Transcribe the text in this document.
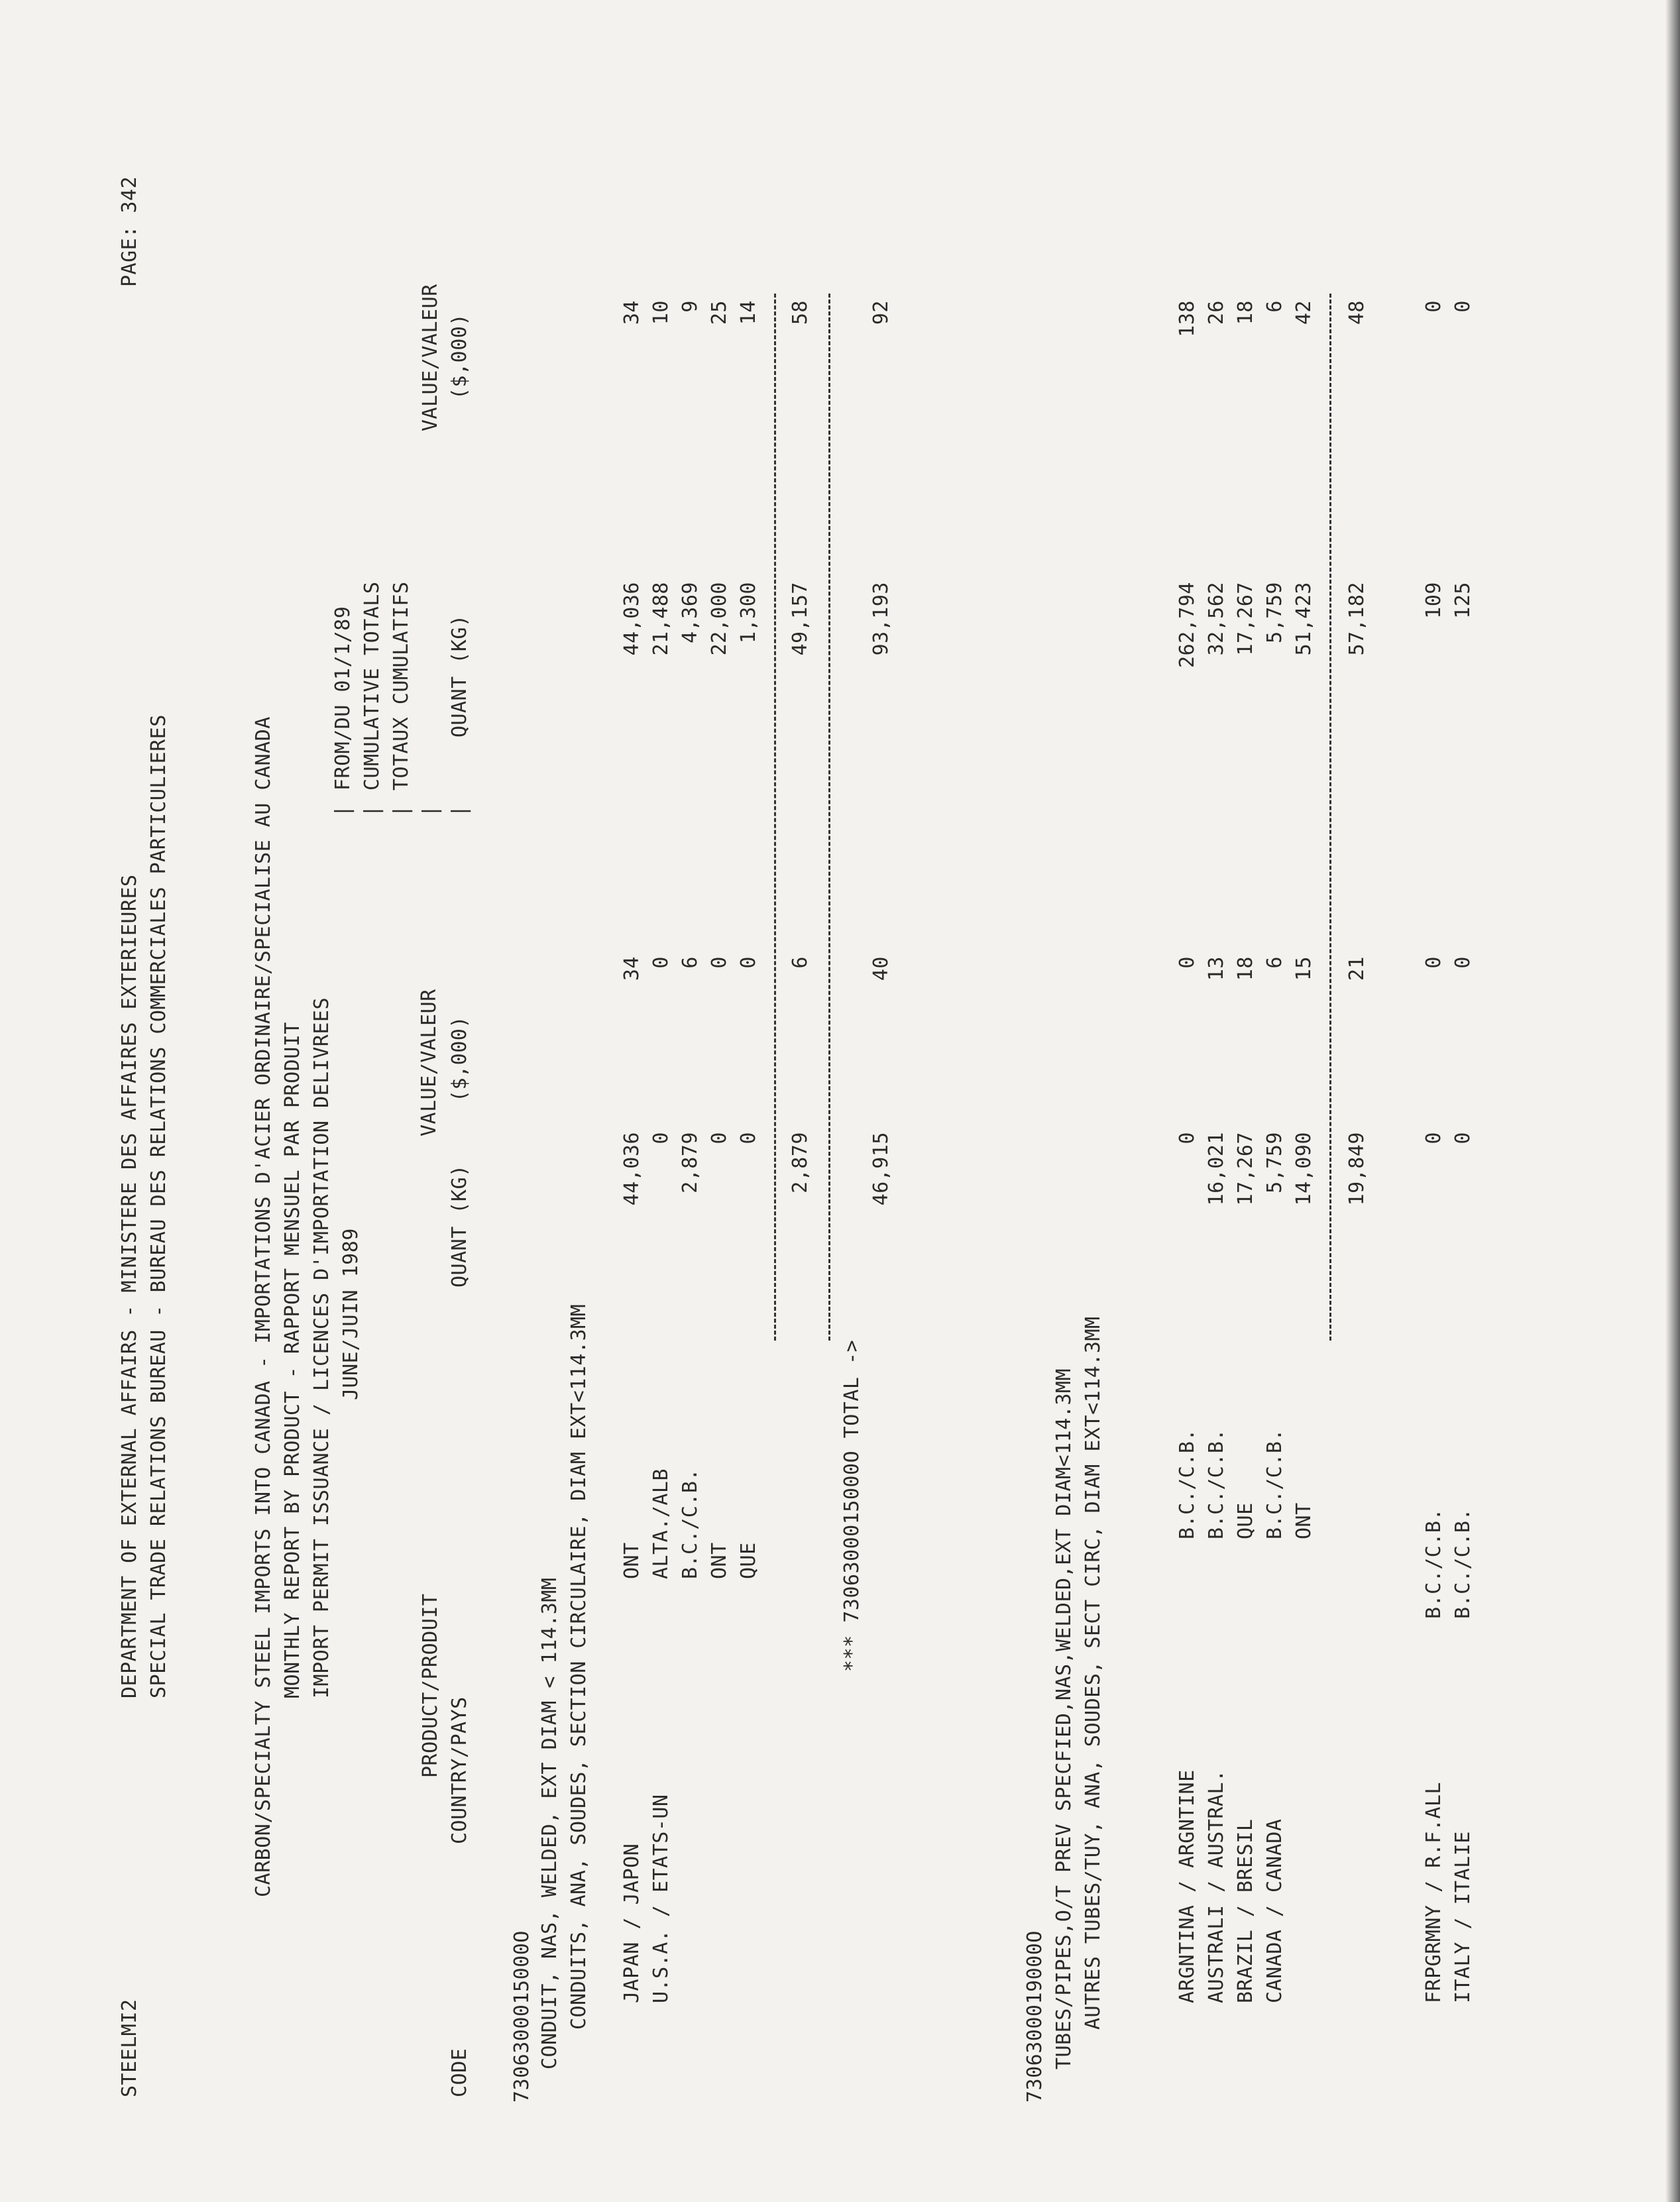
STEELMI2
DEPARTMENT OF EXTERNAL AFFAIRS - MINISTERE DES AFFAIRES EXTERIEURES SPECIAL TRADE RELATIONS BUREAU - BUREAU DES RELATIONS COMMERCIALES PARTICULIERES
PAGE: 342
CARBON/SPECIALTY STEEL IMPORTS INTO CANADA - IMPORTATIONS D'ACIER ORDINAIRE/SPECIALISE AU CANADA MONTHLY REPORT BY PRODUCT - RAPPORT MENSUEL PAR PRODUIT IMPORT PERMIT ISSUANCE / LICENCES D'IMPORTATION DELIVREES JUNE/JUIN 1989
| | | | |
FROM/DU 01/1/89 CUMULATIVE TOTALS TOTAUX CUMULATIFS
VALUE/VALEUR
VALUE/VALEUR
CODE
COUNTRY/PAYS
PRODUCT/PRODUIT
QUANT (KG)
($,000)
QUANT (KG)
($,000)
7306300015000O CONDUIT, NAS, WELDED, EXT DIAM < 114.3MM CONDUITS, ANA, SOUDES, SECTION CIRCULAIRE, DIAM EXT<114.3MM JAPAN / JAPON
ONT
44,036
34
44,036
34
U.S.A. / ETATS-UN
ALTA./ALB
0
0
21,488
10
B.C./C.B.
2,879
6
4,369
9
ONT
0
0
22,000
25
QUE
0
0
1,300
14
2,879
6
49,157
58
*** 7306300015000O TOTAL ->
46,915
40
93,193
92
7306300019000O TUBES/PIPES,O/T PREV SPECFIED,NAS,WELDED,EXT DIAM<114.3MM AUTRES TUBES/TUY, ANA, SOUDES, SECT CIRC, DIAM EXT<114.3MM	ARGNTINA / ARGNTINE
B.C./C.B.
0
0
262,794
138
AUSTRALI / AUSTRAL.
B.C./C.B.
16,021
13
32,562
26
BRAZIL / BRESIL
QUE
17,267
18
17,267
18
CANADA / CANADA
B.C./C.B.
5,759
6
5,759
6
ONT
14,090
15
51,423
42
19,849
21
57,182
48
FRPGRMNY / R.F.ALL
B.C./C.B.
0
0
109
0
ITALY / ITALIE
B.C./C.B.
0
0
125
0
